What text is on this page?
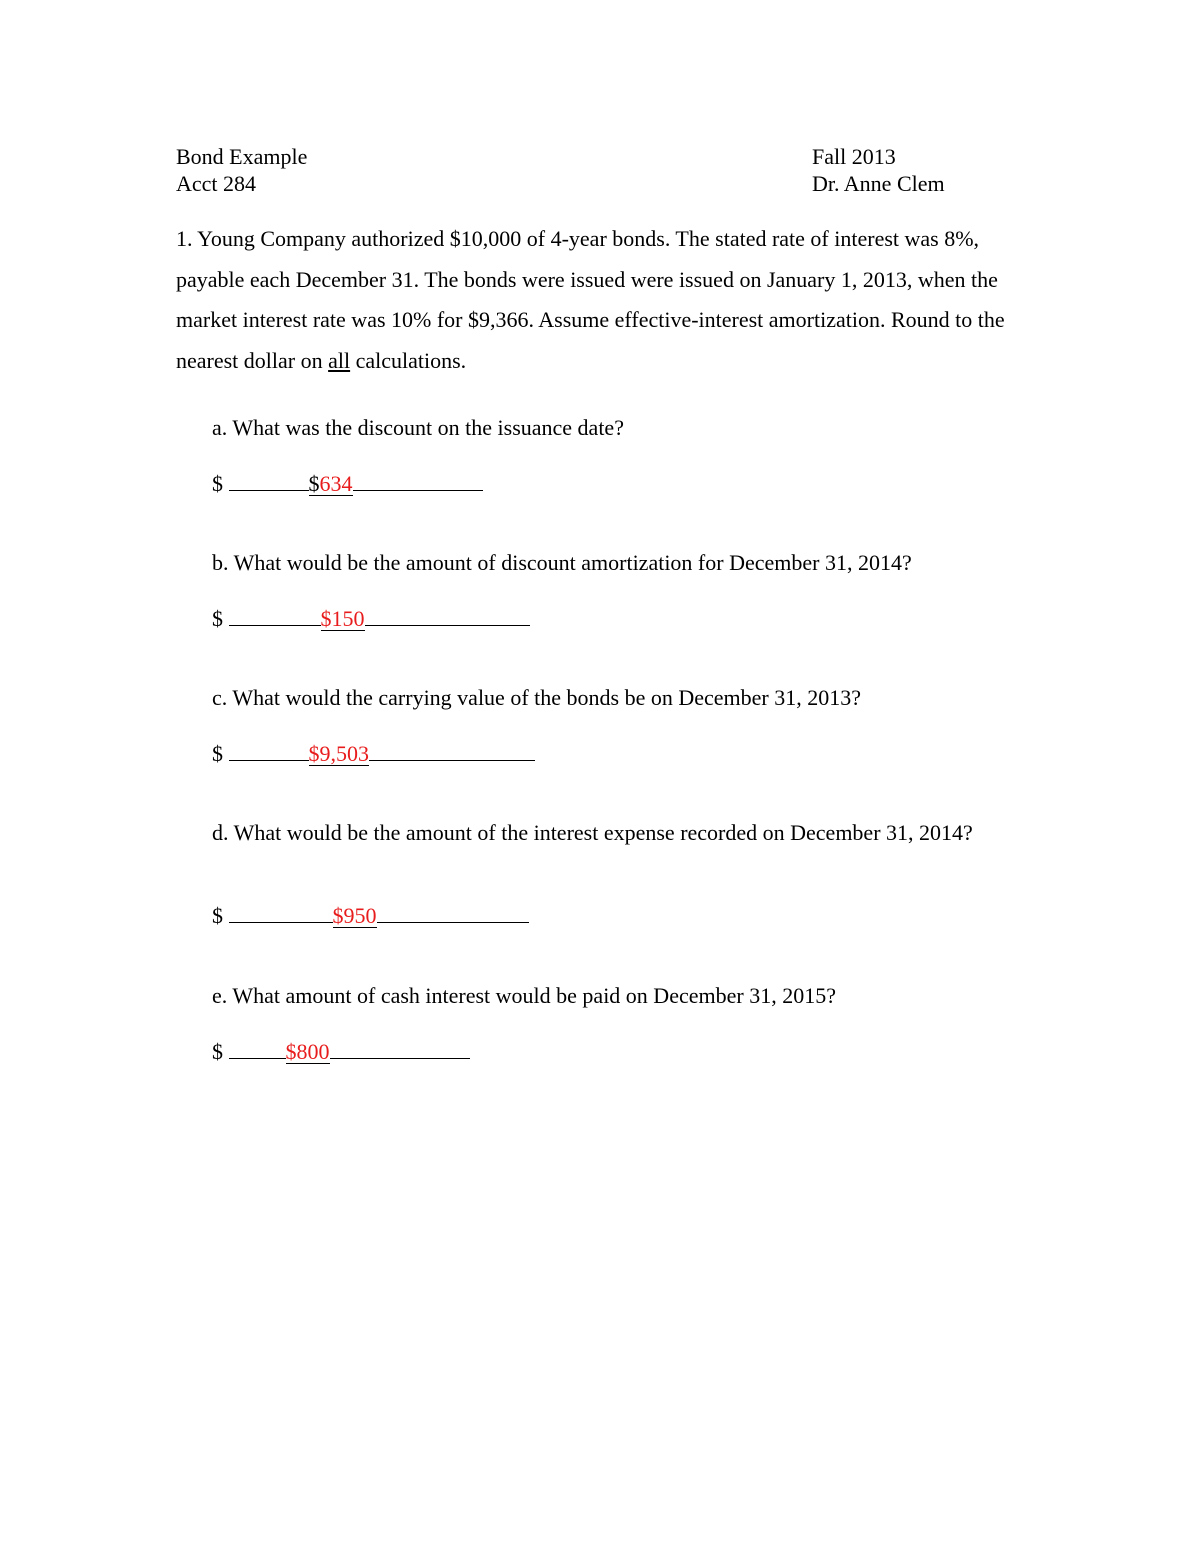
Bond Example
Acct 284
Fall 2013
Dr. Anne Clem
1. Young Company authorized $10,000 of 4-year bonds. The stated rate of interest was 8%, payable each December 31. The bonds were issued were issued on January 1, 2013, when the market interest rate was 10% for $9,366. Assume effective-interest amortization. Round to the nearest dollar on all calculations.
a. What was the discount on the issuance date?
$	$634
b. What would be the amount of discount amortization for December 31, 2014?
$	$150
c. What would the carrying value of the bonds be on December 31, 2013?
$	$9,503
d. What would be the amount of the interest expense recorded on December 31, 2014?
$	$950
e. What amount of cash interest would be paid on December 31, 2015?
$	$800
